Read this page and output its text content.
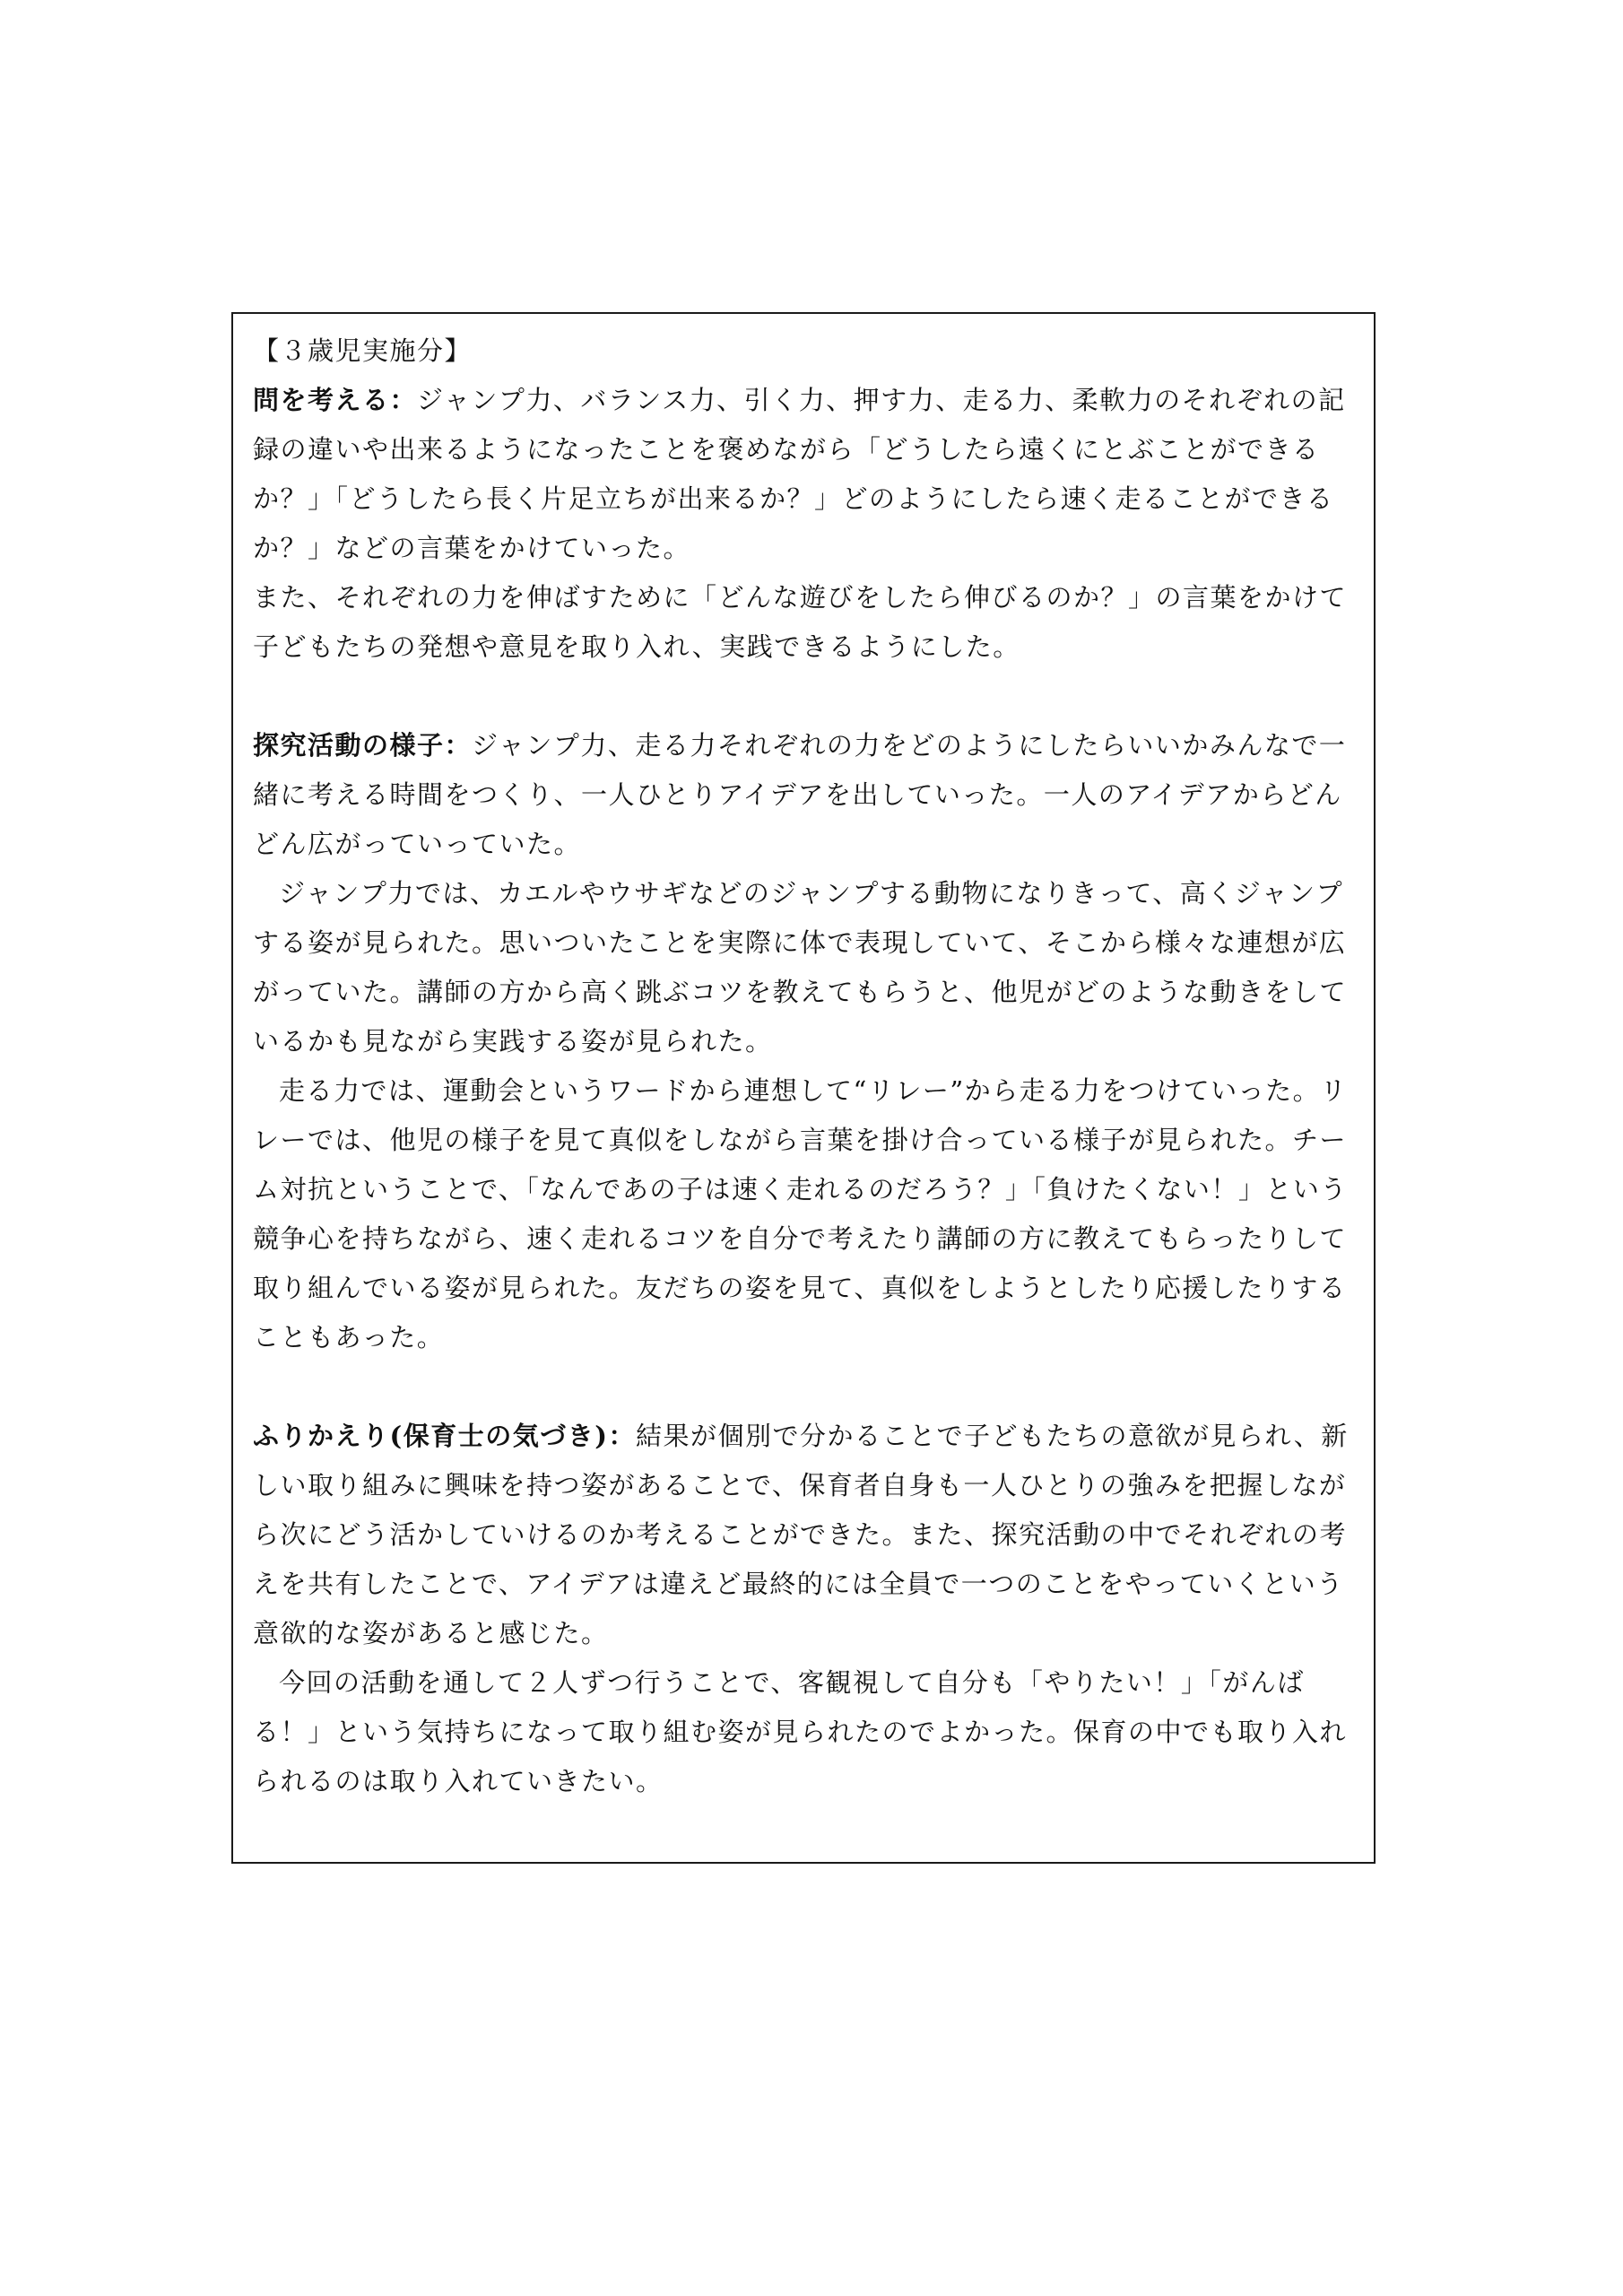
【３歳児実施分】

問を考える：ジャンプ力、バランス力、引く力、押す力、走る力、柔軟力のそれぞれの記録の違いや出来るようになったことを褒めながら「どうしたら遠くにとぶことができるか？」「どうしたら長く片足立ちが出来るか？」どのようにしたら速く走ることができるか？」などの言葉をかけていった。

また、それぞれの力を伸ばすために「どんな遊びをしたら伸びるのか？」の言葉をかけて子どもたちの発想や意見を取り入れ、実践できるようにした。

探究活動の様子：ジャンプ力、走る力それぞれの力をどのようにしたらいいかみんなで一緒に考える時間をつくり、一人ひとりアイデアを出していった。一人のアイデアからどんどん広がっていっていた。

ジャンプ力では、カエルやウサギなどのジャンプする動物になりきって、高くジャンプする姿が見られた。思いついたことを実際に体で表現していて、そこから様々な連想が広がっていた。講師の方から高く跳ぶコツを教えてもらうと、他児がどのような動きをしているかも見ながら実践する姿が見られた。

走る力では、運動会というワードから連想して“リレー”から走る力をつけていった。リレーでは、他児の様子を見て真似をしながら言葉を掛け合っている様子が見られた。チーム対抗ということで、「なんであの子は速く走れるのだろう？」「負けたくない！」という競争心を持ちながら、速く走れるコツを自分で考えたり講師の方に教えてもらったりして取り組んでいる姿が見られた。友だちの姿を見て、真似をしようとしたり応援したりすることもあった。

ふりかえり(保育士の気づき)：結果が個別で分かることで子どもたちの意欲が見られ、新しい取り組みに興味を持つ姿があることで、保育者自身も一人ひとりの強みを把握しながら次にどう活かしていけるのか考えることができた。また、探究活動の中でそれぞれの考えを共有したことで、アイデアは違えど最終的には全員で一つのことをやっていくという意欲的な姿があると感じた。

今回の活動を通して２人ずつ行うことで、客観視して自分も「やりたい！」「がんばる！」という気持ちになって取り組む姿が見られたのでよかった。保育の中でも取り入れられるのは取り入れていきたい。
